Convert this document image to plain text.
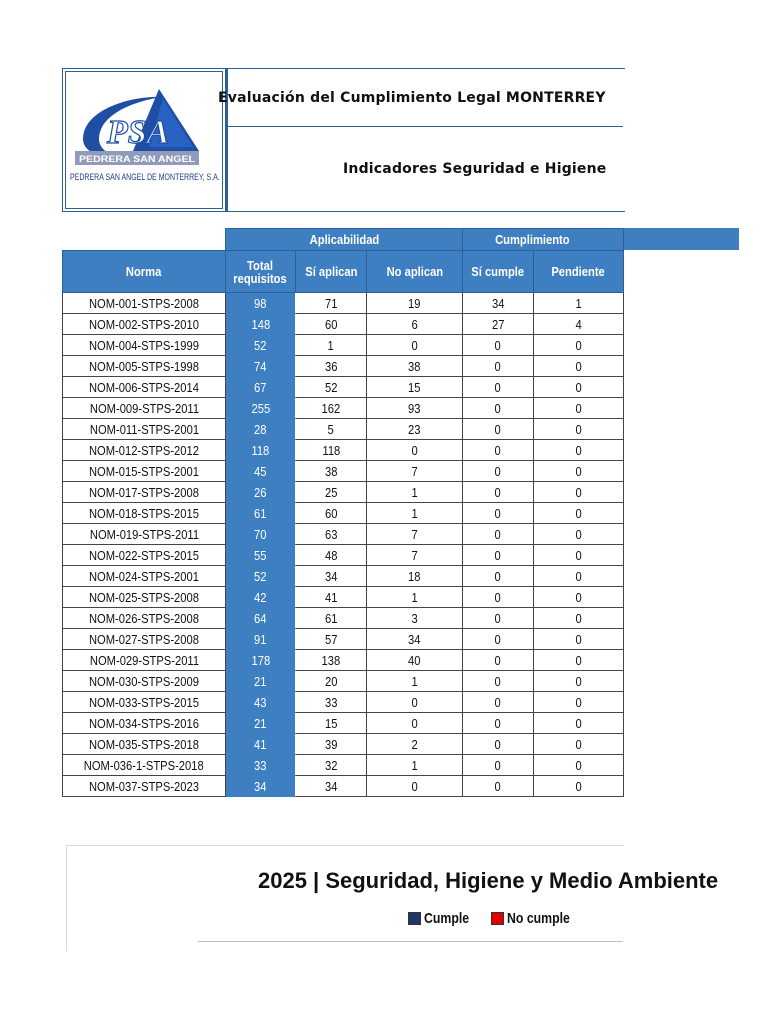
PSA
PEDRERA SAN ANGEL
PEDRERA SAN ANGEL DE MONTERREY, S.A.
Evaluación del Cumplimiento Legal MONTERREY
Indicadores Seguridad e Higiene
	Aplicabilidad			Cumplimiento	
Norma	Total requisitos	Sí aplican	No aplican	Sí cumple	Pendiente
NOM-001-STPS-2008	98	71	19	34	1
NOM-002-STPS-2010	148	60	6	27	4
NOM-004-STPS-1999	52	1	0	0	0
NOM-005-STPS-1998	74	36	38	0	0
NOM-006-STPS-2014	67	52	15	0	0
NOM-009-STPS-2011	255	162	93	0	0
NOM-011-STPS-2001	28	5	23	0	0
NOM-012-STPS-2012	118	118	0	0	0
NOM-015-STPS-2001	45	38	7	0	0
NOM-017-STPS-2008	26	25	1	0	0
NOM-018-STPS-2015	61	60	1	0	0
NOM-019-STPS-2011	70	63	7	0	0
NOM-022-STPS-2015	55	48	7	0	0
NOM-024-STPS-2001	52	34	18	0	0
NOM-025-STPS-2008	42	41	1	0	0
NOM-026-STPS-2008	64	61	3	0	0
NOM-027-STPS-2008	91	57	34	0	0
NOM-029-STPS-2011	178	138	40	0	0
NOM-030-STPS-2009	21	20	1	0	0
NOM-033-STPS-2015	43	33	0	0	0
NOM-034-STPS-2016	21	15	0	0	0
NOM-035-STPS-2018	41	39	2	0	0
NOM-036-1-STPS-2018	33	32	1	0	0
NOM-037-STPS-2023	34	34	0	0	0
2025 | Seguridad, Higiene y Medio Ambiente
Cumple
	No cumple
